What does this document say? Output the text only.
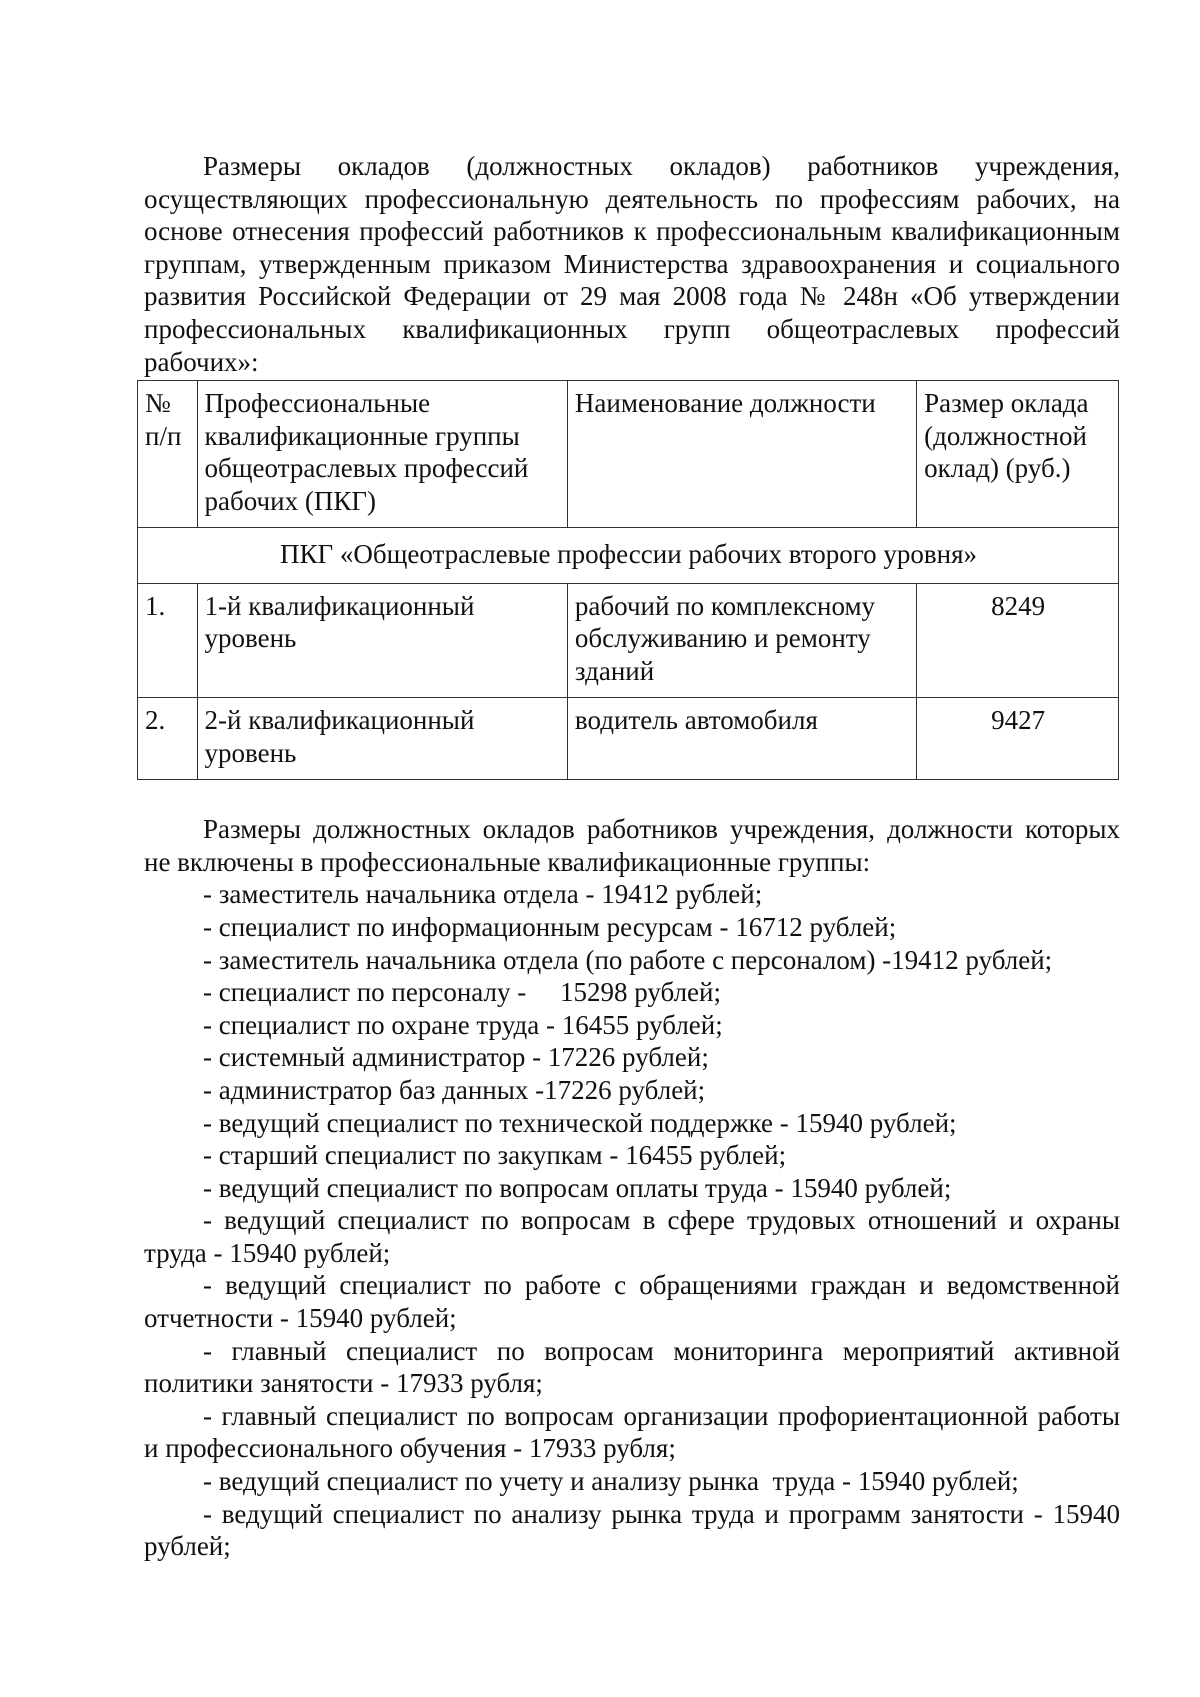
Размеры окладов (должностных окладов) работников учреждения, осуществляющих профессиональную деятельность по профессиям рабочих, на основе отнесения профессий работников к профессиональным квалификационным группам, утвержденным приказом Министерства здравоохранения и социального развития Российской Федерации от 29 мая 2008 года № 248н «Об утверждении профессиональных квалификационных групп общеотраслевых профессий рабочих»:

№ п/п	Профессиональные квалификационные группы общеотраслевых профессий рабочих (ПКГ)	Наименование должности	Размер оклада (должностной оклад) (руб.)
ПКГ «Общеотраслевые профессии рабочих второго уровня»			
1.	1-й квалификационный уровень	рабочий по комплексному обслуживанию и ремонту зданий	8249
2.	2-й квалификационный уровень	водитель автомобиля	9427

Размеры должностных окладов работников учреждения, должности которых не включены в профессиональные квалификационные группы:

- заместитель начальника отдела - 19412 рублей;
- специалист по информационным ресурсам - 16712 рублей;
- заместитель начальника отдела (по работе с персоналом) -19412 рублей;
- специалист по персоналу -     15298 рублей;
- специалист по охране труда - 16455 рублей;
- системный администратор - 17226 рублей;
- администратор баз данных -17226 рублей;
- ведущий специалист по технической поддержке - 15940 рублей;
- старший специалист по закупкам - 16455 рублей;
- ведущий специалист по вопросам оплаты труда - 15940 рублей;
- ведущий специалист по вопросам в сфере трудовых отношений и охраны труда - 15940 рублей;
- ведущий специалист по работе с обращениями граждан и ведомственной отчетности - 15940 рублей;
- главный специалист по вопросам мониторинга мероприятий активной политики занятости - 17933 рубля;
- главный специалист по вопросам организации профориентационной работы и профессионального обучения - 17933 рубля;
- ведущий специалист по учету и анализу рынка  труда - 15940 рублей;
- ведущий специалист по анализу рынка труда и программ занятости - 15940 рублей;
